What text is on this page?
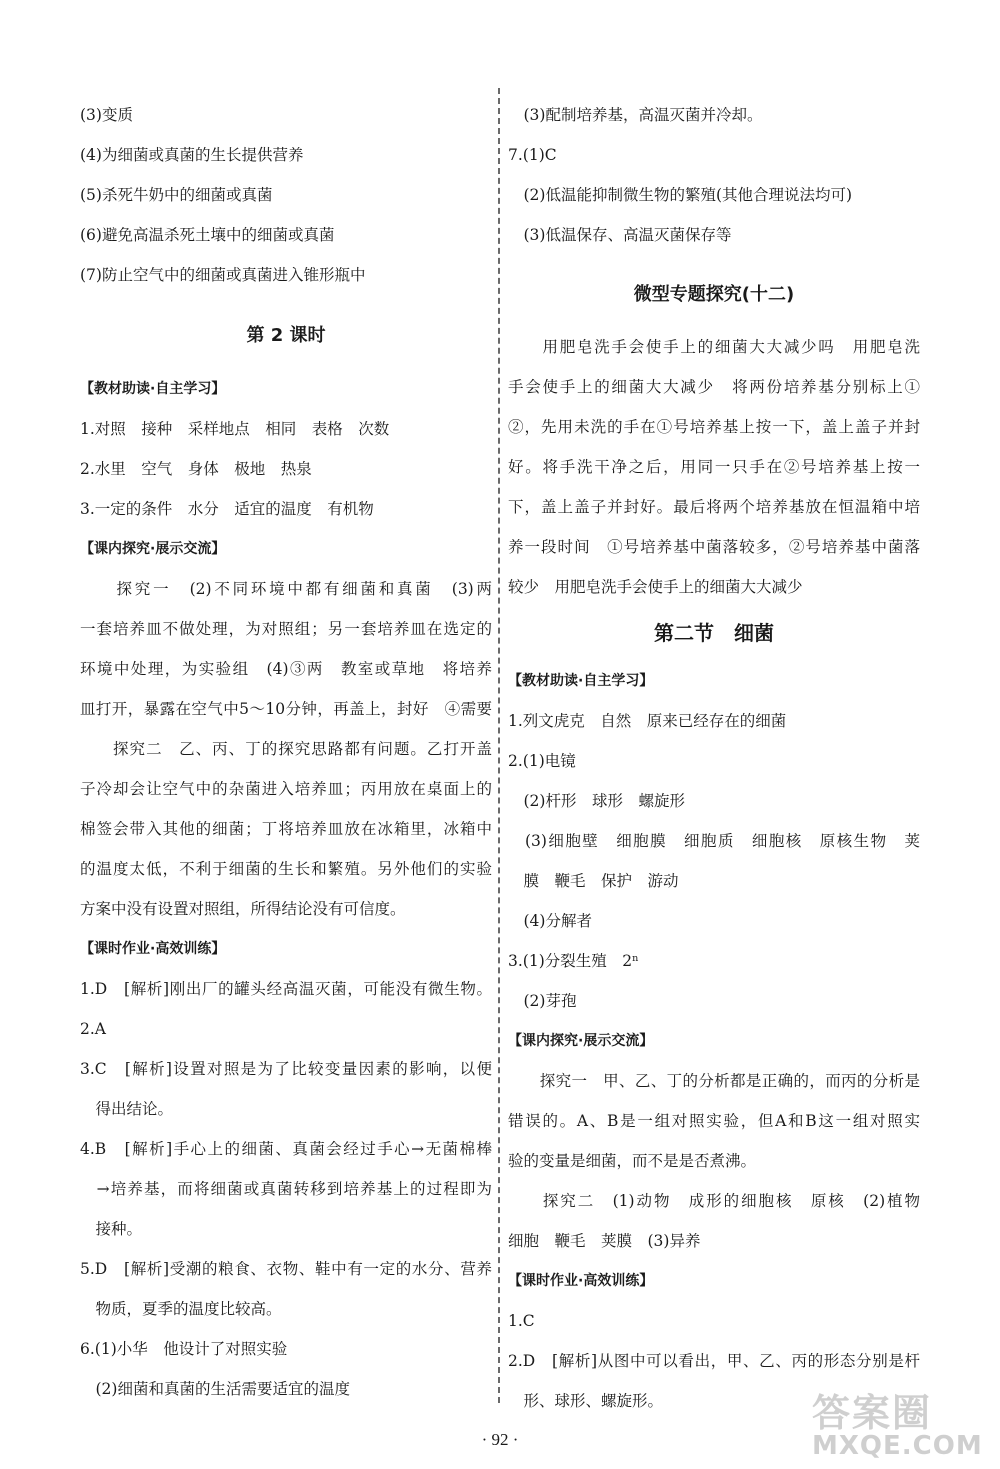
(3)变质
(4)为细菌或真菌的生长提供营养
(5)杀死牛奶中的细菌或真菌
(6)避免高温杀死土壤中的细菌或真菌
(7)防止空气中的细菌或真菌进入锥形瓶中
第 2 课时
【教材助读·自主学习】
1.对照　接种　采样地点　相同　表格　次数
2.水里　空气　身体　极地　热泉
3.一定的条件　水分　适宜的温度　有机物
【课内探究·展示交流】
　　探究一　(2)不同环境中都有细菌和真菌　(3)两
一套培养皿不做处理，为对照组；另一套培养皿在选定的
环境中处理，为实验组　(4)③两　教室或草地　将培养
皿打开，暴露在空气中5～10分钟，再盖上，封好　④需要
　　探究二　乙、丙、丁的探究思路都有问题。乙打开盖
子冷却会让空气中的杂菌进入培养皿；丙用放在桌面上的
棉签会带入其他的细菌；丁将培养皿放在冰箱里，冰箱中
的温度太低，不利于细菌的生长和繁殖。另外他们的实验
方案中没有设置对照组，所得结论没有可信度。
【课时作业·高效训练】
1.D　[解析]刚出厂的罐头经高温灭菌，可能没有微生物。
2.A
3.C　[解析]设置对照是为了比较变量因素的影响，以便
　得出结论。
4.B　[解析]手心上的细菌、真菌会经过手心→无菌棉棒
　→培养基，而将细菌或真菌转移到培养基上的过程即为
　接种。
5.D　[解析]受潮的粮食、衣物、鞋中有一定的水分、营养
　物质，夏季的温度比较高。
6.(1)小华　他设计了对照实验
　(2)细菌和真菌的生活需要适宜的温度
　(3)配制培养基，高温灭菌并冷却。
7.(1)C
　(2)低温能抑制微生物的繁殖(其他合理说法均可)
　(3)低温保存、高温灭菌保存等
微型专题探究(十二)
　　用肥皂洗手会使手上的细菌大大减少吗　用肥皂洗
手会使手上的细菌大大减少　将两份培养基分别标上①
②，先用未洗的手在①号培养基上按一下，盖上盖子并封
好。将手洗干净之后，用同一只手在②号培养基上按一
下，盖上盖子并封好。最后将两个培养基放在恒温箱中培
养一段时间　①号培养基中菌落较多，②号培养基中菌落
较少　用肥皂洗手会使手上的细菌大大减少
第二节　细菌
【教材助读·自主学习】
1.列文虎克　自然　原来已经存在的细菌
2.(1)电镜
　(2)杆形　球形　螺旋形
　(3)细胞壁　细胞膜　细胞质　细胞核　原核生物　荚
　膜　鞭毛　保护　游动
　(4)分解者
3.(1)分裂生殖　2ⁿ
　(2)芽孢
【课内探究·展示交流】
　　探究一　甲、乙、丁的分析都是正确的，而丙的分析是
错误的。A、B是一组对照实验，但A和B这一组对照实
验的变量是细菌，而不是是否煮沸。
　　探究二　(1)动物　成形的细胞核　原核　(2)植物
细胞　鞭毛　荚膜　(3)异养
【课时作业·高效训练】
1.C
2.D　[解析]从图中可以看出，甲、乙、丙的形态分别是杆
　形、球形、螺旋形。
· 92 ·
答案圈
MXQE.COM
